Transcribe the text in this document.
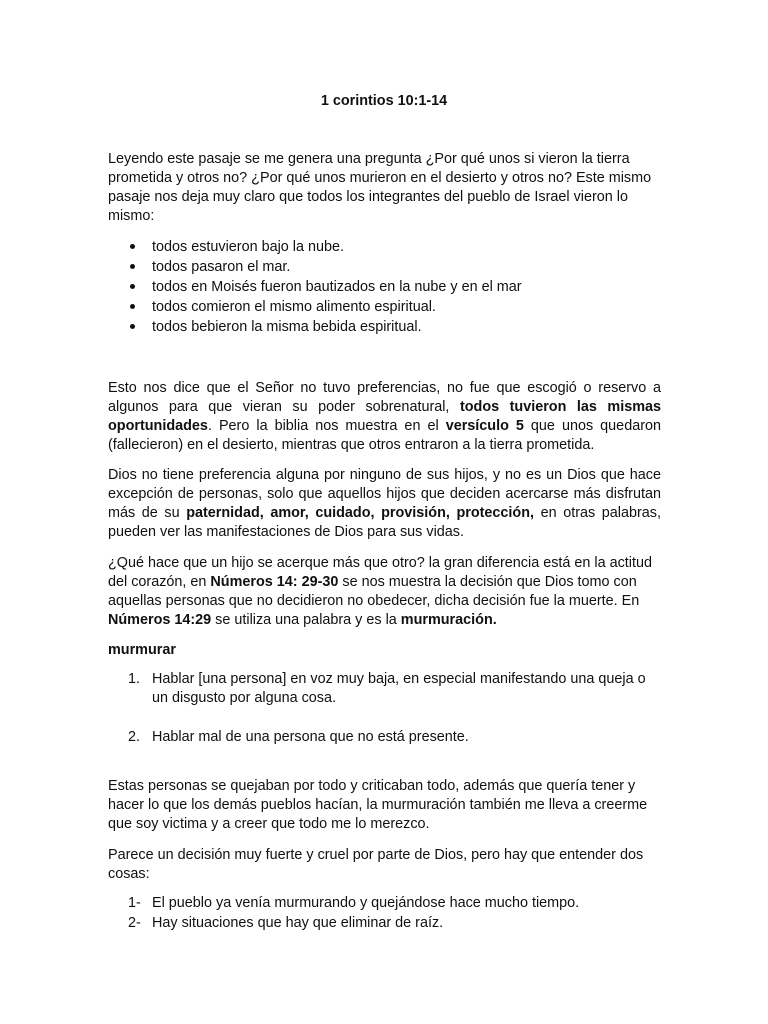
1 corintios 10:1-14

Leyendo este pasaje se me genera una pregunta ¿Por qué unos si vieron la tierra prometida y otros no? ¿Por qué unos murieron en el desierto y otros no? Este mismo pasaje nos deja muy claro que todos los integrantes del pueblo de Israel vieron lo mismo:

todos estuvieron bajo la nube.
todos pasaron el mar.
todos en Moisés fueron bautizados en la nube y en el mar
todos comieron el mismo alimento espiritual.
todos bebieron la misma bebida espiritual.

Esto nos dice que el Señor no tuvo preferencias, no fue que escogió o reservo a algunos para que vieran su poder sobrenatural, todos tuvieron las mismas oportunidades. Pero la biblia nos muestra en el versículo 5 que unos quedaron (fallecieron) en el desierto, mientras que otros entraron a la tierra prometida.

Dios no tiene preferencia alguna por ninguno de sus hijos, y no es un Dios que hace excepción de personas, solo que aquellos hijos que deciden acercarse más disfrutan más de su paternidad, amor, cuidado, provisión, protección, en otras palabras, pueden ver las manifestaciones de Dios para sus vidas.

¿Qué hace que un hijo se acerque más que otro? la gran diferencia está en la actitud del corazón, en Números 14: 29-30 se nos muestra la decisión que Dios tomo con aquellas personas que no decidieron no obedecer, dicha decisión fue la muerte. En Números 14:29 se utiliza una palabra y es la murmuración.

murmurar
1. Hablar [una persona] en voz muy baja, en especial manifestando una queja o un disgusto por alguna cosa.
2. Hablar mal de una persona que no está presente.

Estas personas se quejaban por todo y criticaban todo, además que quería tener y hacer lo que los demás pueblos hacían, la murmuración también me lleva a creerme que soy victima y a creer que todo me lo merezco.

Parece un decisión muy fuerte y cruel por parte de Dios, pero hay que entender dos cosas:

1- El pueblo ya venía murmurando y quejándose hace mucho tiempo.
2- Hay situaciones que hay que eliminar de raíz.
